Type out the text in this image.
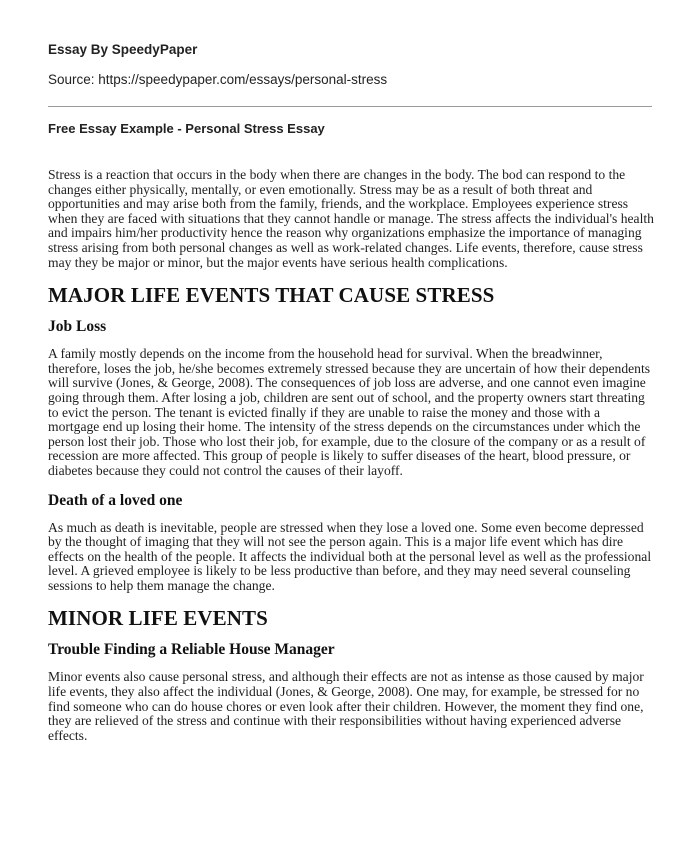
Essay By SpeedyPaper
Source: https://speedypaper.com/essays/personal-stress
Free Essay Example - Personal Stress Essay

Stress is a reaction that occurs in the body when there are changes in the body. The bod can respond to the changes either physically, mentally, or even emotionally. Stress may be as a result of both threat and opportunities and may arise both from the family, friends, and the workplace. Employees experience stress when they are faced with situations that they cannot handle or manage. The stress affects the individual's health and impairs him/her productivity hence the reason why organizations emphasize the importance of managing stress arising from both personal changes as well as work-related changes. Life events, therefore, cause stress may they be major or minor, but the major events have serious health complications.

MAJOR LIFE EVENTS THAT CAUSE STRESS
Job Loss

A family mostly depends on the income from the household head for survival. When the breadwinner, therefore, loses the job, he/she becomes extremely stressed because they are uncertain of how their dependents will survive (Jones, & George, 2008). The consequences of job loss are adverse, and one cannot even imagine going through them. After losing a job, children are sent out of school, and the property owners start threating to evict the person. The tenant is evicted finally if they are unable to raise the money and those with a mortgage end up losing their home. The intensity of the stress depends on the circumstances under which the person lost their job. Those who lost their job, for example, due to the closure of the company or as a result of recession are more affected. This group of people is likely to suffer diseases of the heart, blood pressure, or diabetes because they could not control the causes of their layoff.

Death of a loved one

As much as death is inevitable, people are stressed when they lose a loved one. Some even become depressed by the thought of imaging that they will not see the person again. This is a major life event which has dire effects on the health of the people. It affects the individual both at the personal level as well as the professional level. A grieved employee is likely to be less productive than before, and they may need several counseling sessions to help them manage the change.

MINOR LIFE EVENTS
Trouble Finding a Reliable House Manager

Minor events also cause personal stress, and although their effects are not as intense as those caused by major life events, they also affect the individual (Jones, & George, 2008). One may, for example, be stressed for no find someone who can do house chores or even look after their children. However, the moment they find one, they are relieved of the stress and continue with their responsibilities without having experienced adverse effects.
